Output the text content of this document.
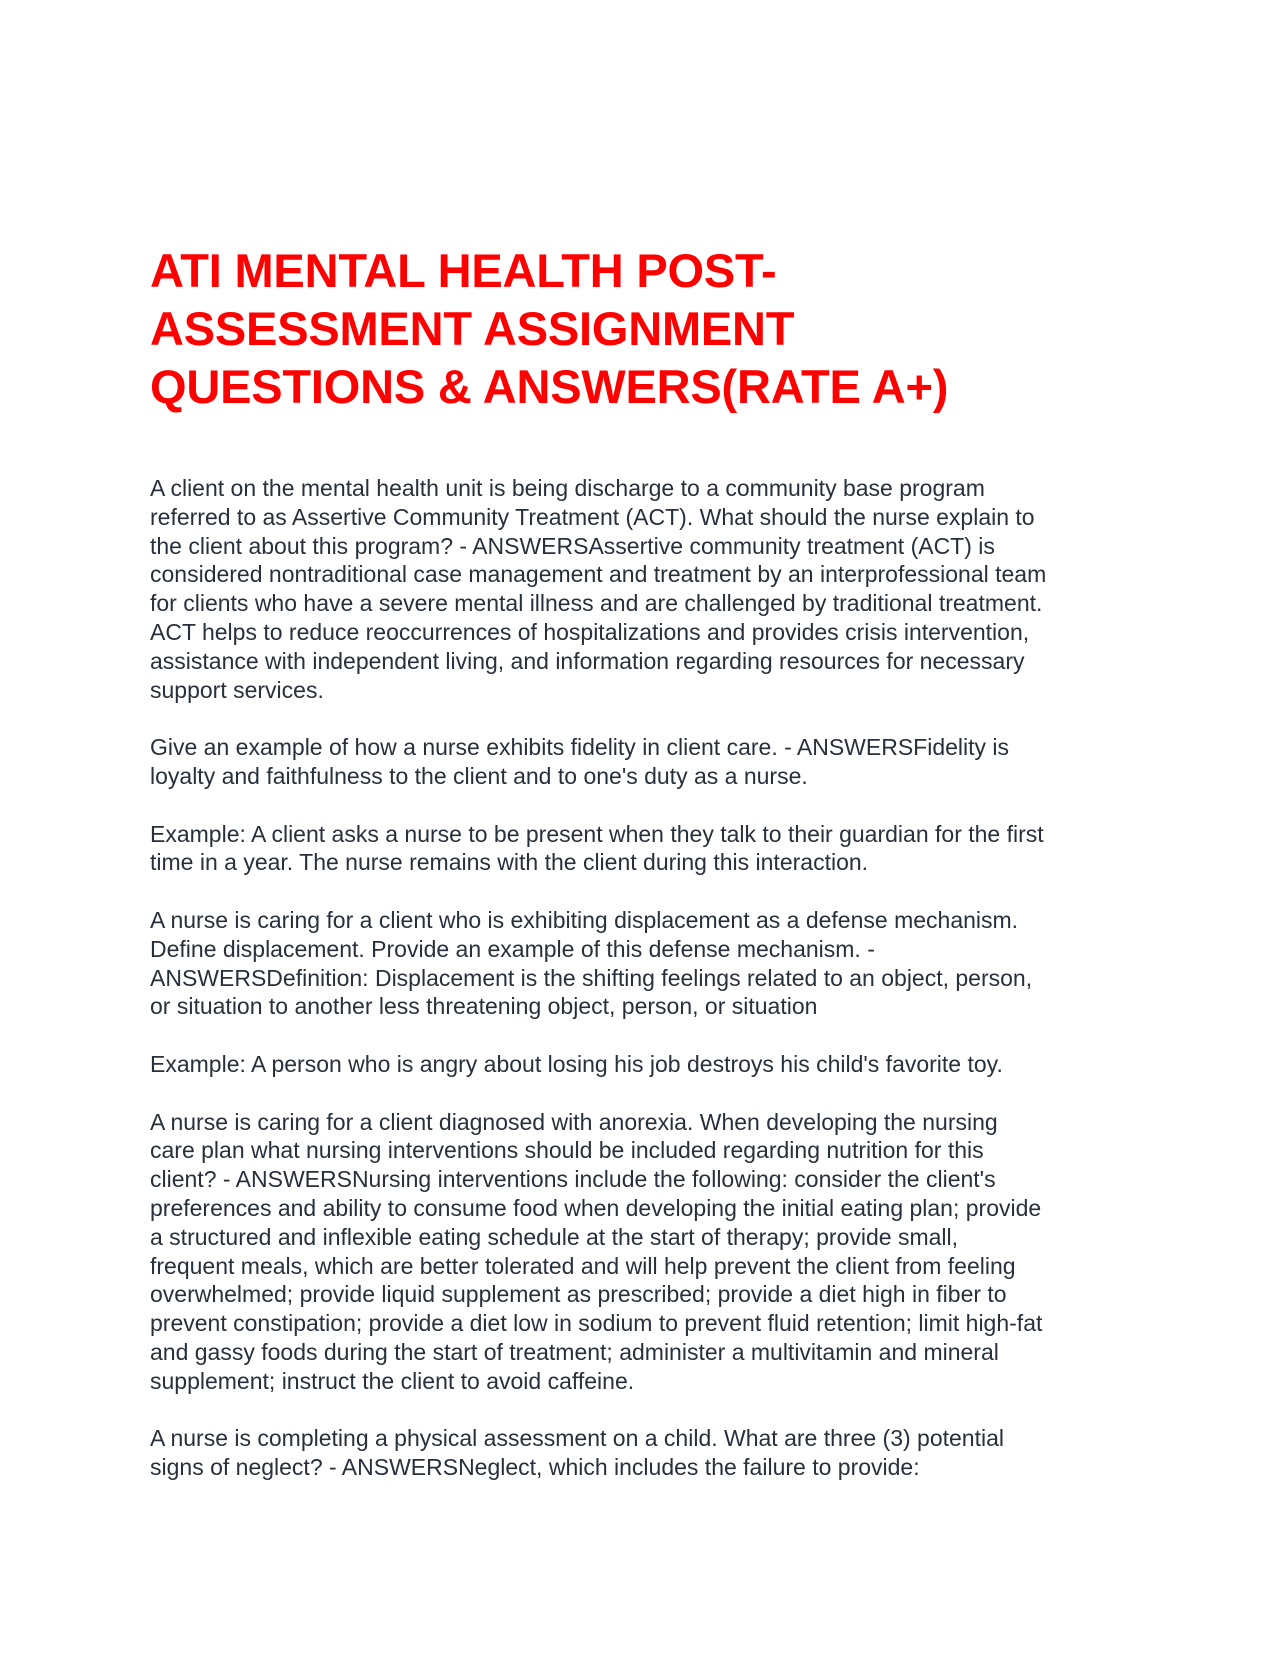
ATI MENTAL HEALTH POST-
ASSESSMENT ASSIGNMENT
QUESTIONS & ANSWERS(RATE A+)

A client on the mental health unit is being discharge to a community base program
referred to as Assertive Community Treatment (ACT). What should the nurse explain to
the client about this program? - ANSWERSAssertive community treatment (ACT) is
considered nontraditional case management and treatment by an interprofessional team
for clients who have a severe mental illness and are challenged by traditional treatment.
ACT helps to reduce reoccurrences of hospitalizations and provides crisis intervention,
assistance with independent living, and information regarding resources for necessary
support services.

Give an example of how a nurse exhibits fidelity in client care. - ANSWERSFidelity is
loyalty and faithfulness to the client and to one's duty as a nurse.

Example: A client asks a nurse to be present when they talk to their guardian for the first
time in a year. The nurse remains with the client during this interaction.

A nurse is caring for a client who is exhibiting displacement as a defense mechanism.
Define displacement. Provide an example of this defense mechanism. -
ANSWERSDefinition: Displacement is the shifting feelings related to an object, person,
or situation to another less threatening object, person, or situation

Example: A person who is angry about losing his job destroys his child's favorite toy.

A nurse is caring for a client diagnosed with anorexia. When developing the nursing
care plan what nursing interventions should be included regarding nutrition for this
client? - ANSWERSNursing interventions include the following: consider the client's
preferences and ability to consume food when developing the initial eating plan; provide
a structured and inflexible eating schedule at the start of therapy; provide small,
frequent meals, which are better tolerated and will help prevent the client from feeling
overwhelmed; provide liquid supplement as prescribed; provide a diet high in fiber to
prevent constipation; provide a diet low in sodium to prevent fluid retention; limit high-fat
and gassy foods during the start of treatment; administer a multivitamin and mineral
supplement; instruct the client to avoid caffeine.

A nurse is completing a physical assessment on a child. What are three (3) potential
signs of neglect? - ANSWERSNeglect, which includes the failure to provide:
